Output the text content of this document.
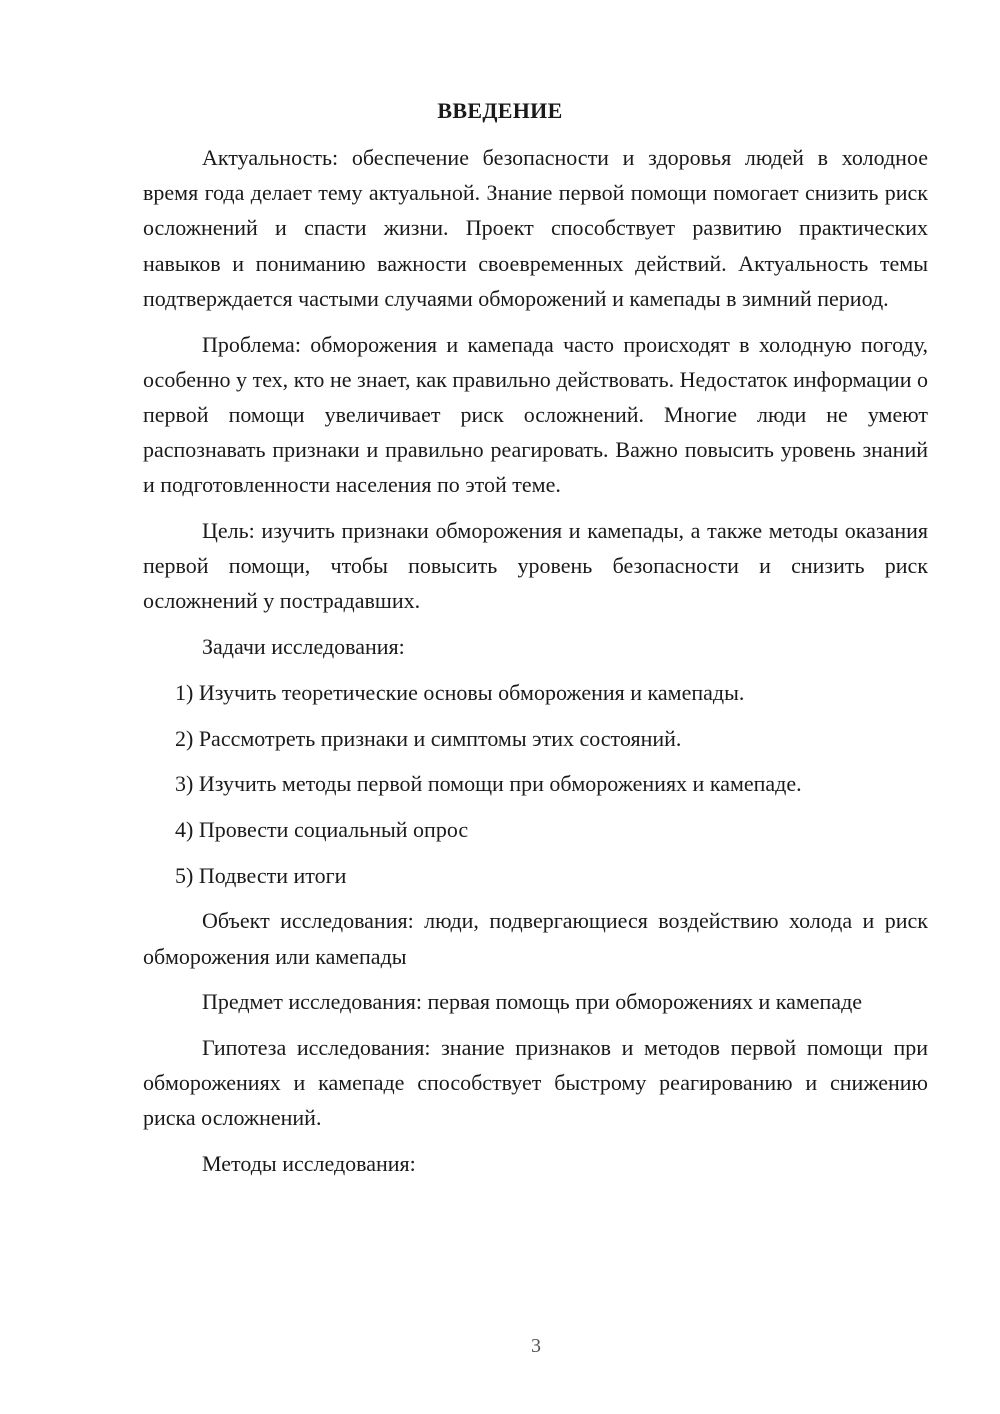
ВВЕДЕНИЕ

Актуальность: обеспечение безопасности и здоровья людей в холодное время года делает тему актуальной. Знание первой помощи помогает снизить риск осложнений и спасти жизни. Проект способствует развитию практических навыков и пониманию важности своевременных действий. Актуальность темы подтверждается частыми случаями обморожений и камепады в зимний период.

Проблема: обморожения и камепада часто происходят в холодную погоду, особенно у тех, кто не знает, как правильно действовать. Недостаток информации о первой помощи увеличивает риск осложнений. Многие люди не умеют распознавать признаки и правильно реагировать. Важно повысить уровень знаний и подготовленности населения по этой теме.

Цель: изучить признаки обморожения и камепады, а также методы оказания первой помощи, чтобы повысить уровень безопасности и снизить риск осложнений у пострадавших.

Задачи исследования:

1) Изучить теоретические основы обморожения и камепады.

2) Рассмотреть признаки и симптомы этих состояний.

3) Изучить методы первой помощи при обморожениях и камепаде.

4) Провести социальный опрос

5) Подвести итоги

Объект исследования: люди, подвергающиеся воздействию холода и риск обморожения или камепады

Предмет исследования: первая помощь при обморожениях и камепаде

Гипотеза исследования: знание признаков и методов первой помощи при обморожениях и камепаде способствует быстрому реагированию и снижению риска осложнений.

Методы исследования:

3
